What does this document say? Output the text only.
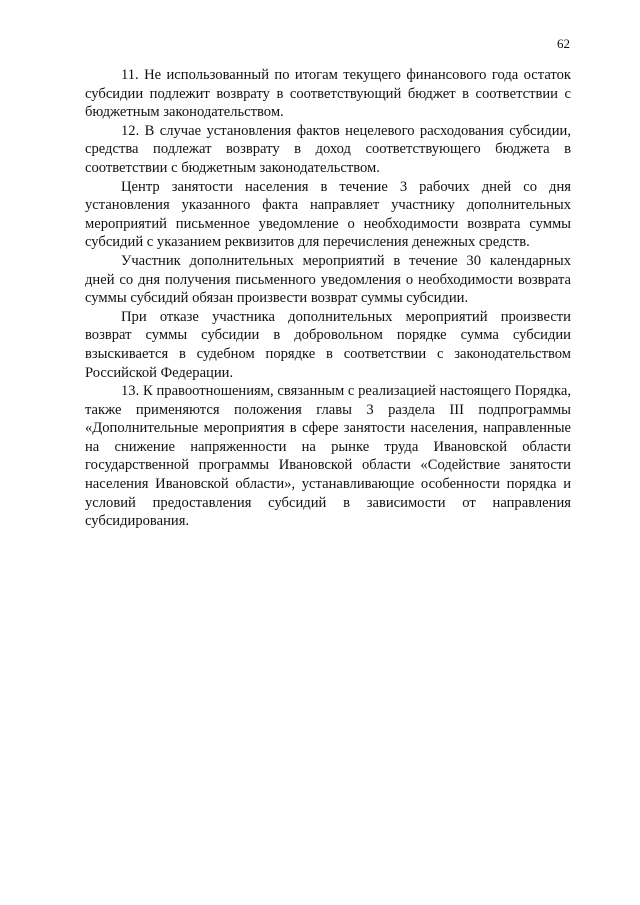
62

11. Не использованный по итогам текущего финансового года остаток субсидии подлежит возврату в соответствующий бюджет в соответствии с бюджетным законодательством.

12. В случае установления фактов нецелевого расходования субсидии, средства подлежат возврату в доход соответствующего бюджета в соответствии с бюджетным законодательством.

Центр занятости населения в течение 3 рабочих дней со дня установления указанного факта направляет участнику дополнительных мероприятий письменное уведомление о необходимости возврата суммы субсидий с указанием реквизитов для перечисления денежных средств.

Участник дополнительных мероприятий в течение 30 календарных дней со дня получения письменного уведомления о необходимости возврата суммы субсидий обязан произвести возврат суммы субсидии.

При отказе участника дополнительных мероприятий произвести возврат суммы субсидии в добровольном порядке сумма субсидии взыскивается в судебном порядке в соответствии с законодательством Российской Федерации.

13. К правоотношениям, связанным с реализацией настоящего Порядка, также применяются положения главы 3 раздела III подпрограммы «Дополнительные мероприятия в сфере занятости населения, направленные на снижение напряженности на рынке труда Ивановской области государственной программы Ивановской области «Содействие занятости населения Ивановской области», устанавливающие особенности порядка и условий предоставления субсидий в зависимости от направления субсидирования.
